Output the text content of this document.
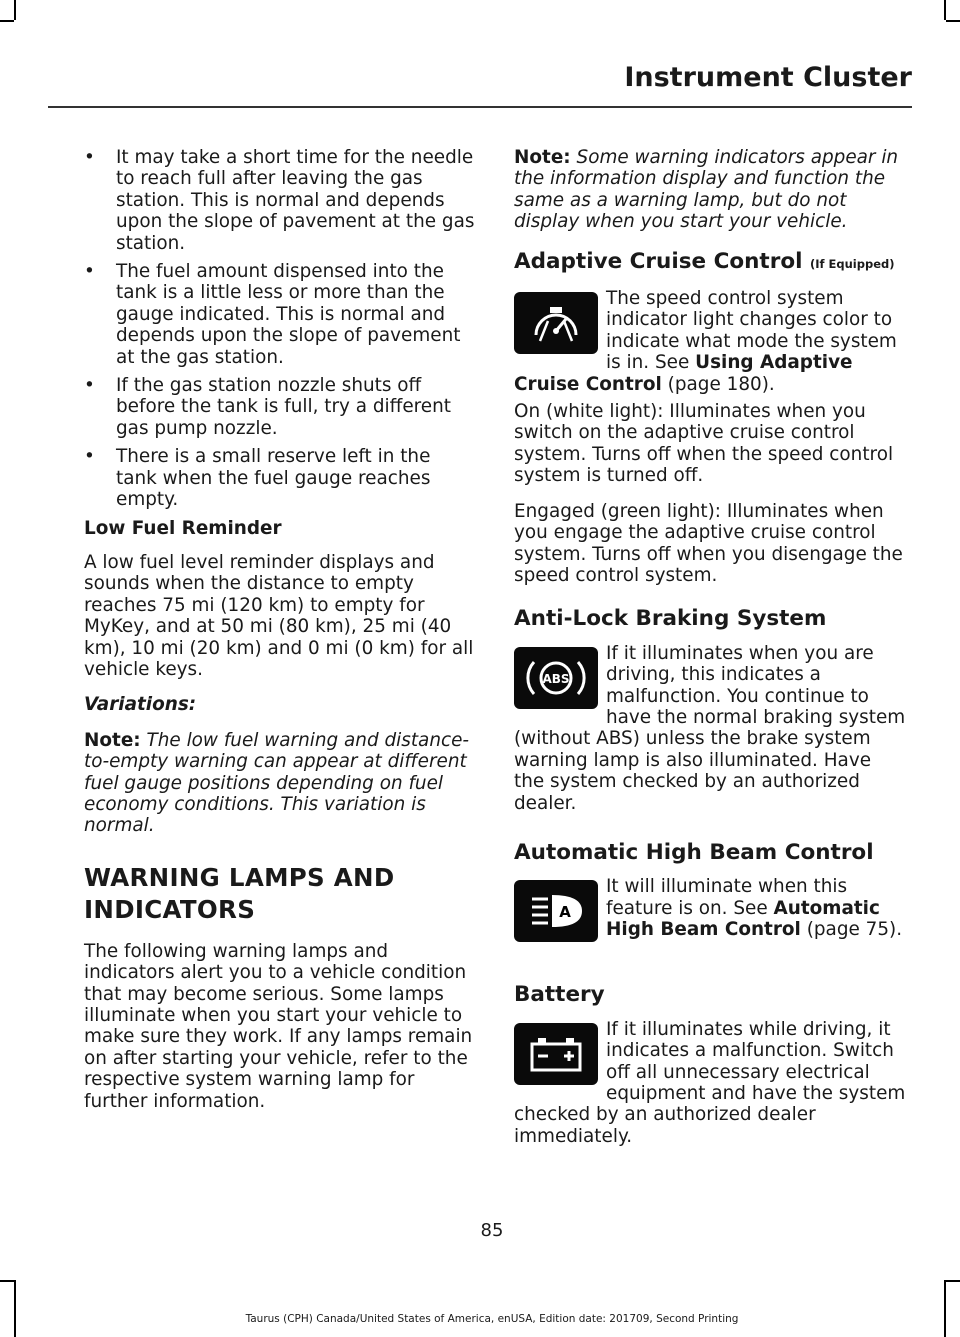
Instrument Cluster
•	It may take a short time for the needle to reach full after leaving the gas station. This is normal and depends upon the slope of pavement at the gas station.
•	The fuel amount dispensed into the tank is a little less or more than the gauge indicated. This is normal and depends upon the slope of pavement at the gas station.
•	If the gas station nozzle shuts off before the tank is full, try a different gas pump nozzle.
•	There is a small reserve left in the tank when the fuel gauge reaches empty.
Low Fuel Reminder

A low fuel level reminder displays and sounds when the distance to empty reaches 75 mi (120 km) to empty for MyKey, and at 50 mi (80 km), 25 mi (40 km), 10 mi (20 km) and 0 mi (0 km) for all vehicle keys.

Variations:

Note: The low fuel warning and distance-to-empty warning can appear at different fuel gauge positions depending on fuel economy conditions. This variation is normal.

WARNING LAMPS AND
INDICATORS

The following warning lamps and indicators alert you to a vehicle condition that may become serious. Some lamps illuminate when you start your vehicle to make sure they work. If any lamps remain on after starting your vehicle, refer to the respective system warning lamp for further information.

Note: Some warning indicators appear in the information display and function the same as a warning lamp, but do not display when you start your vehicle.

Adaptive Cruise Control (If Equipped)
The speed control system indicator light changes color to indicate what mode the system is in. See Using Adaptive Cruise Control (page 180).

On (white light): Illuminates when you switch on the adaptive cruise control system. Turns off when the speed control system is turned off.

Engaged (green light): Illuminates when you engage the adaptive cruise control system. Turns off when you disengage the speed control system.

Anti-Lock Braking System
ABS
If it illuminates when you are driving, this indicates a malfunction. You continue to have the normal braking system (without ABS) unless the brake system warning lamp is also illuminated. Have the system checked by an authorized dealer.
Automatic High Beam Control
A
It will illuminate when this feature is on. See Automatic High Beam Control (page 75).
Battery
If it illuminates while driving, it indicates a malfunction. Switch off all unnecessary electrical equipment and have the system checked by an authorized dealer immediately.
85
Taurus (CPH) Canada/United States of America, enUSA, Edition date: 201709, Second Printing
